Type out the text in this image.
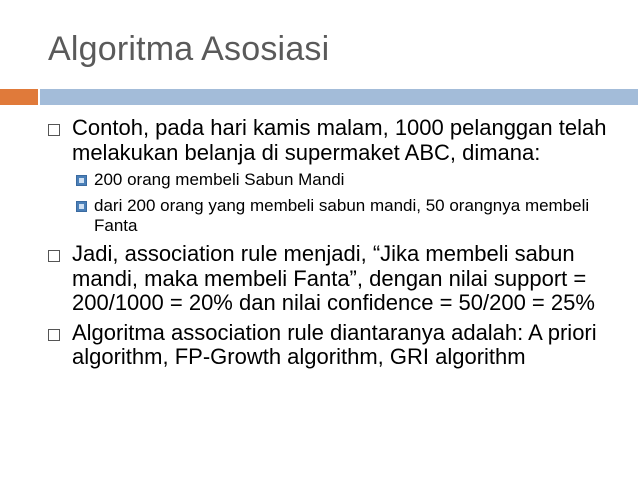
Algoritma Asosiasi
Contoh, pada hari kamis malam, 1000 pelanggan telah melakukan belanja di supermaket ABC, dimana:
200 orang membeli Sabun Mandi
dari 200 orang yang membeli sabun mandi, 50 orangnya membeli Fanta
Jadi, association rule menjadi, “Jika membeli sabun mandi, maka membeli Fanta”, dengan nilai support = 200/1000 = 20% dan nilai confidence = 50/200 = 25%
Algoritma association rule diantaranya adalah: A priori algorithm, FP-Growth algorithm, GRI algorithm
